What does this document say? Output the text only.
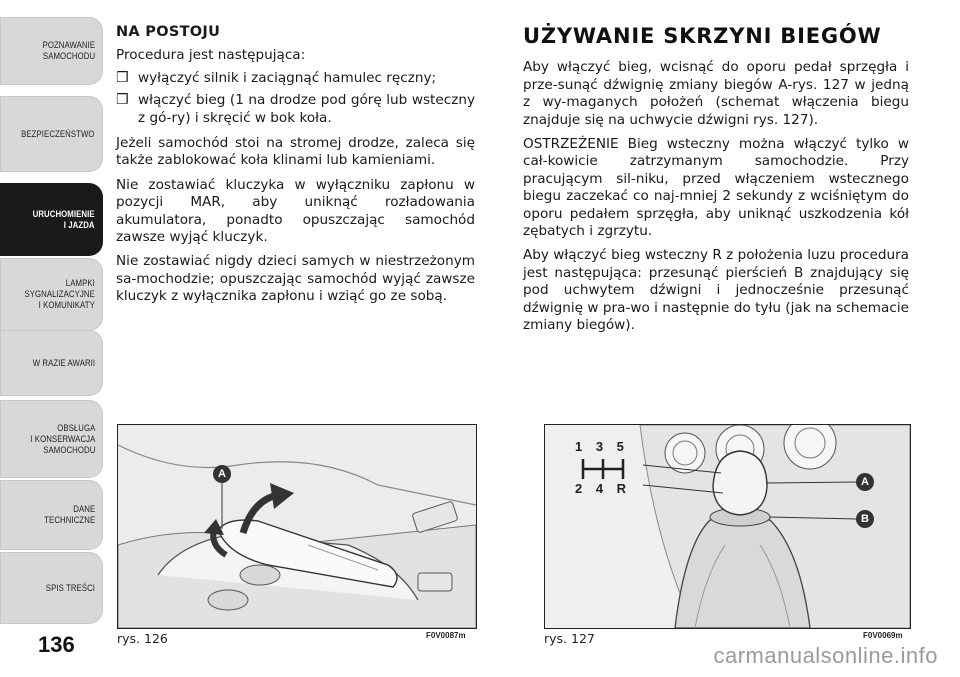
POZNAWANIE
SAMOCHODU
BEZPIECZEŃSTWO
URUCHOMIENIE
I JAZDA
LAMPKI
SYGNALIZACYJNE
I KOMUNIKATY
W RAZIE AWARII
OBSŁUGA
I KONSERWACJA
SAMOCHODU
DANE
TECHNICZNE
SPIS TREŚCI
136
NA POSTOJU

Procedura jest następująca:

❒ wyłączyć silnik i zaciągnąć hamulec ręczny;
❒ włączyć bieg (1 na drodze pod górę lub wsteczny z gó-ry) i skręcić w bok koła.

Jeżeli samochód stoi na stromej drodze, zaleca się także zablokować koła klinami lub kamieniami.

Nie zostawiać kluczyka w wyłączniku zapłonu w pozycji MAR, aby uniknąć rozładowania akumulatora, ponadto opuszczając samochód zawsze wyjąć kluczyk.

Nie zostawiać nigdy dzieci samych w niestrzeżonym sa-mochodzie; opuszczając samochód wyjąć zawsze kluczyk z wyłącznika zapłonu i wziąć go ze sobą.

UŻYWANIE SKRZYNI BIEGÓW

Aby włączyć bieg, wcisnąć do oporu pedał sprzęgła i prze-sunąć dźwignię zmiany biegów A-rys. 127 w jedną z wy-maganych położeń (schemat włączenia biegu znajduje się na uchwycie dźwigni rys. 127).

OSTRZEŻENIE Bieg wsteczny można włączyć tylko w cał-kowicie zatrzymanym samochodzie. Przy pracującym sil-niku, przed włączeniem wstecznego biegu zaczekać co naj-mniej 2 sekundy z wciśniętym do oporu pedałem sprzęgła, aby uniknąć uszkodzenia kół zębatych i zgrzytu.

Aby włączyć bieg wsteczny R z położenia luzu procedura jest następująca: przesunąć pierścień B znajdujący się pod uchwytem dźwigni i jednocześnie przesunąć dźwignię w pra-wo i następnie do tyłu (jak na schemacie zmiany biegów).

A
rys. 126	F0V0087m
1 3 5
2 4 R	A
B
rys. 127	F0V0069m
carmanualsonline.info
